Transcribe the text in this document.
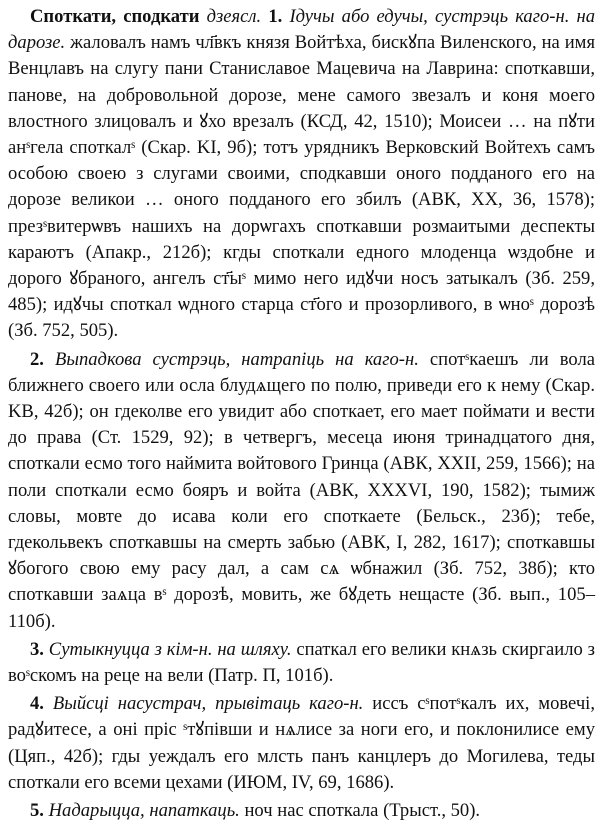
Споткати, сподкати дзеясл. 1. Ідучы або едучы, сустрэць каго-н. на дарозе. жаловалъ намъ чл҃вкъ князя Войтѣха, бискꙋпа Виленского, на имя Венцлавъ на слугу пани Станиславое Мацевича на Лаврина: споткавши, панове, на добровольной дорозе, мене самого звезалъ и коня моего влостного злицовалъ и ꙋхо врезалъ (КСД, 42, 1510); Моисеи … на пꙋти анˢгела споткалˢ (Скар. KI, 9б); тотъ урядникъ Верковский Войтехъ самъ особою своею з слугами своими, сподкавши оного подданого его на дорозе великои … оного подданого его збилъ (АВК, XX, 36, 1578); презˢвитерѡвъ нашихъ на дорѡгахъ споткавши розмаитыми деспекты караютъ (Апакр., 212б); кгды споткали едного млоденца ѡздобне и дорого ꙋбраного, ангелъ ст҃ыˢ мимо него идꙋчи носъ затыкалъ (Зб. 259, 485); идꙋчы споткал ѡдного старца ст҃ого и прозорливого, в ѡноˢ дорозѣ (Зб. 752, 505).

2. Выпадкова сустрэць, натрапіць на каго-н. спотˢкаешъ ли вола ближнего своего или осла блудѧщего по полю, приведи его к нему (Скар. KB, 42б); он гдеколве его увидит або споткает, его мает поймати и вести до права (Ст. 1529, 92); в четвергъ, месеца июня тринадцатого дня, споткали есмо того наймита войтового Гринца (АВК, XXII, 259, 1566); на поли споткали есмо бояръ и войта (АВК, XXXVI, 190, 1582); тымиж словы, мовте до исава коли его споткаете (Бельск., 23б); тебе, гдекольвекъ споткавшы на смерть забью (АВК, I, 282, 1617); споткавшы ꙋбогого свою ему расу дал, а сам сѧ ѡбнажил (Зб. 752, 38б); кто споткавши заѧца вˢ дорозѣ, мовить, же бꙋдеть нещасте (Зб. вып., 105–110б).

3. Сутыкнуцца з кім-н. на шляху. спаткал его велики кнѧзь скиргаило з воˢскомъ на реце на вели (Патр. П, 101б).

4. Выйсці насустрач, прывітаць каго-н. иссъ сˢпотˢкалъ их, мовечі, радꙋитесе, а оні пріс ˢтꙋпівши и нѧлисе за ноги его, и поклонилисе ему (Цяп., 42б); гды уеждалъ его млсть панъ канцлеръ до Могилева, теды споткали его всеми цехами (ИЮМ, IV, 69, 1686).

5. Надарыцца, напаткаць. ноч нас споткала (Трыст., 50).
